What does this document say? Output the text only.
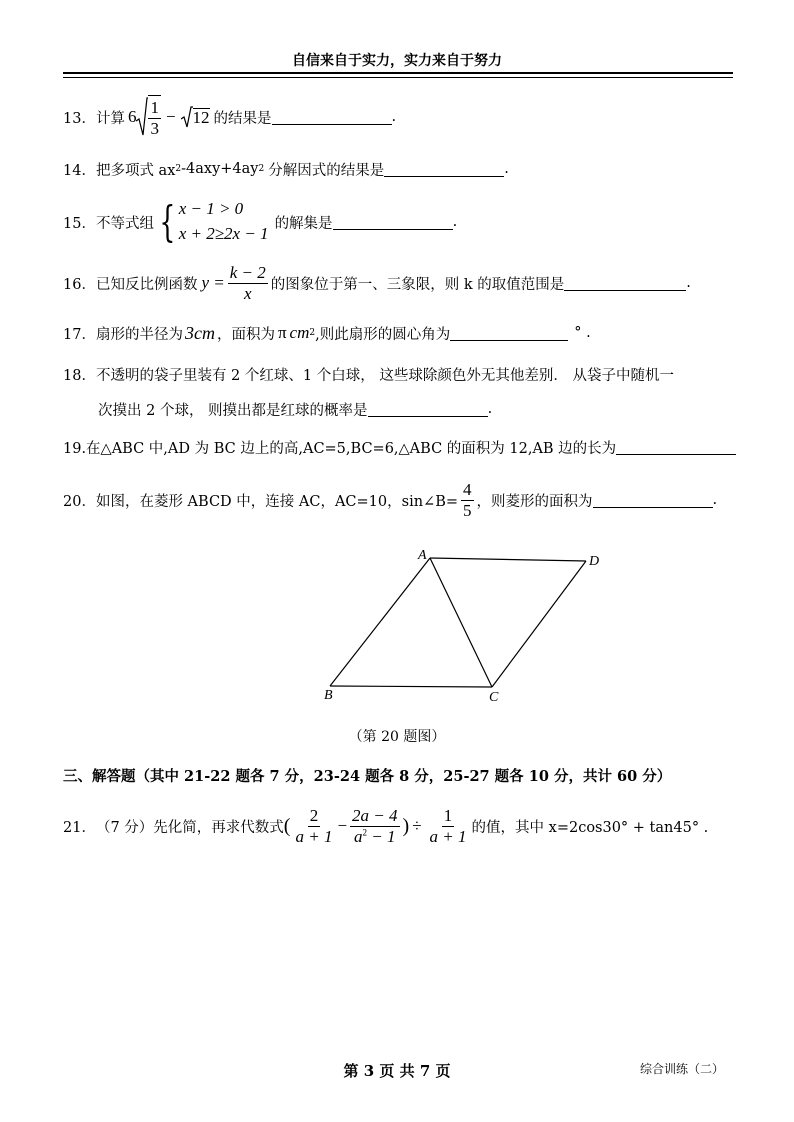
自信来自于实力，实力来自于努力
13． 计算 $6 \frac{1}{3} - 12$ 的结果是	.
14． 把多项式 ax 2 -4axy+4ay 2 分解因式的结果是	.
15． 不等式组 { x − 1 > 0
x + 2≥2x − 1
的解集是	.
16． 已知反比例函数 $y = \frac{k - 2}{x}$ 的图象位于第一、三象限，则 k 的取值范围是	.
17． 扇形的半径为 3cm ，面积为 π cm 2 ,则此扇形的圆心角为	° .
18． 不透明的袋子里装有 2 个红球、1 个白球， 这些球除颜色外无其他差别． 从袋子中随机一
次摸出 2 个球， 则摸出都是红球的概率是	.
19.在△ABC 中,AD 为 BC 边上的高,AC=5,BC=6,△ABC 的面积为 12,AB 边的长为
20． 如图，在菱形 ABCD 中，连接 AC，AC=10，sin∠B= $\frac{4}{5}$ ，则菱形的面积为	.
A
B	C
D
（第 20 题图）
三、解答题（其中 21-22 题各 7 分，23-24 题各 8 分，25-27 题各 10 分，共计 60 分）
21． （7 分）先化简，再求代数式 ( $\frac{2}{a + 1} - \frac{2a - 4}{a^2 - 1}$ ) ÷ $\frac{1}{a + 1}$ 的值，其中 x=2cos30° + tan45° .
第 3 页 共 7 页	综合训练（二）
